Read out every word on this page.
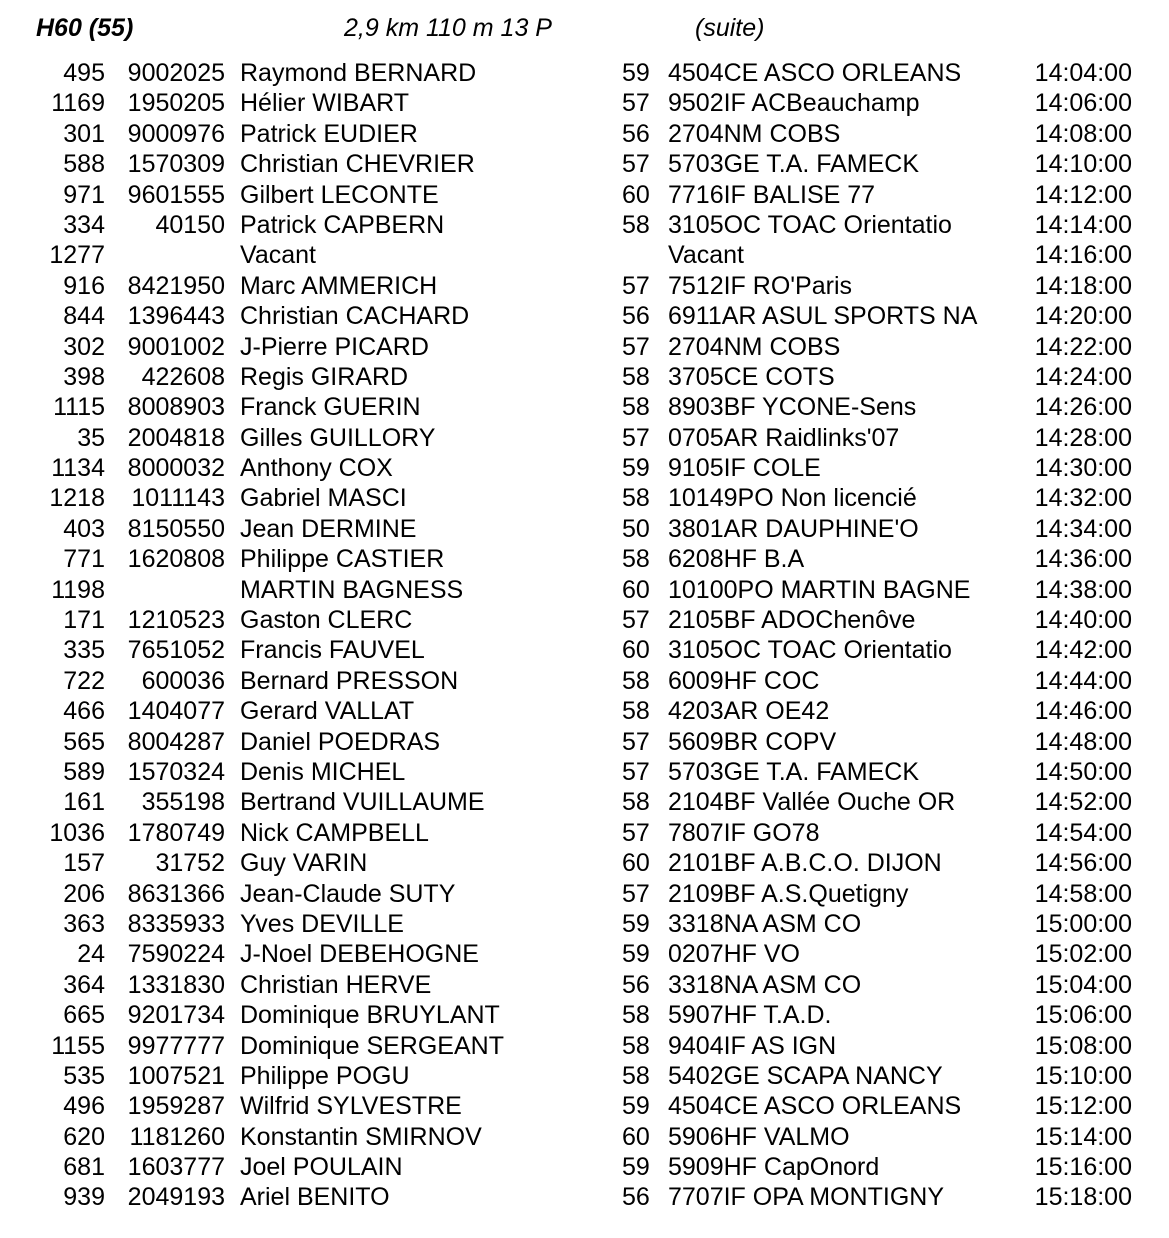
H60 (55)	2,9 km 110 m 13 P	(suite)
495 9002025 Raymond BERNARD	59 4504CE ASCO ORLEANS	14:04:00
1169 1950205 Hélier WIBART	57 9502IF ACBeauchamp	14:06:00
301 9000976 Patrick EUDIER	56 2704NM COBS	14:08:00
588 1570309 Christian CHEVRIER	57 5703GE T.A. FAMECK	14:10:00
971 9601555 Gilbert LECONTE	60 7716IF BALISE 77	14:12:00
334 40150 Patrick CAPBERN	58 3105OC TOAC Orientatio	14:14:00
1277	Vacant	Vacant	14:16:00
916 8421950 Marc AMMERICH	57 7512IF RO'Paris	14:18:00
844 1396443 Christian CACHARD	56 6911AR ASUL SPORTS NA 14:20:00
302 9001002 J-Pierre PICARD	57 2704NM COBS	14:22:00
398 422608 Regis GIRARD	58 3705CE COTS	14:24:00
1115 8008903 Franck GUERIN	58 8903BF YCONE-Sens	14:26:00
35 2004818 Gilles GUILLORY	57 0705AR Raidlinks'07	14:28:00
1134 8000032 Anthony COX	59 9105IF COLE	14:30:00
1218 1011143 Gabriel MASCI	58 10149PO Non licencié	14:32:00
403 8150550 Jean DERMINE	50 3801AR DAUPHINE'O	14:34:00
771 1620808 Philippe CASTIER	58 6208HF B.A	14:36:00
1198	MARTIN BAGNESS	60 10100PO MARTIN BAGNE	14:38:00
171 1210523 Gaston CLERC	57 2105BF ADOChenôve	14:40:00
335 7651052 Francis FAUVEL	60 3105OC TOAC Orientatio	14:42:00
722 600036 Bernard PRESSON	58 6009HF COC	14:44:00
466 1404077 Gerard VALLAT	58 4203AR OE42	14:46:00
565 8004287 Daniel POEDRAS	57 5609BR COPV	14:48:00
589 1570324 Denis MICHEL	57 5703GE T.A. FAMECK	14:50:00
161 355198 Bertrand VUILLAUME	58 2104BF Vallée Ouche OR	14:52:00
1036 1780749 Nick CAMPBELL	57 7807IF GO78	14:54:00
157 31752 Guy VARIN	60 2101BF A.B.C.O. DIJON	14:56:00
206 8631366 Jean-Claude SUTY	57 2109BF A.S.Quetigny	14:58:00
363 8335933 Yves DEVILLE	59 3318NA ASM CO	15:00:00
24 7590224 J-Noel DEBEHOGNE	59 0207HF VO	15:02:00
364 1331830 Christian HERVE	56 3318NA ASM CO	15:04:00
665 9201734 Dominique BRUYLANT	58 5907HF T.A.D.	15:06:00
1155 9977777 Dominique SERGEANT	58 9404IF AS IGN	15:08:00
535 1007521 Philippe POGU	58 5402GE SCAPA NANCY	15:10:00
496 1959287 Wilfrid SYLVESTRE	59 4504CE ASCO ORLEANS	15:12:00
620 1181260 Konstantin SMIRNOV	60 5906HF VALMO	15:14:00
681 1603777 Joel POULAIN	59 5909HF CapOnord	15:16:00
939 2049193 Ariel BENITO	56 7707IF OPA MONTIGNY	15:18:00
